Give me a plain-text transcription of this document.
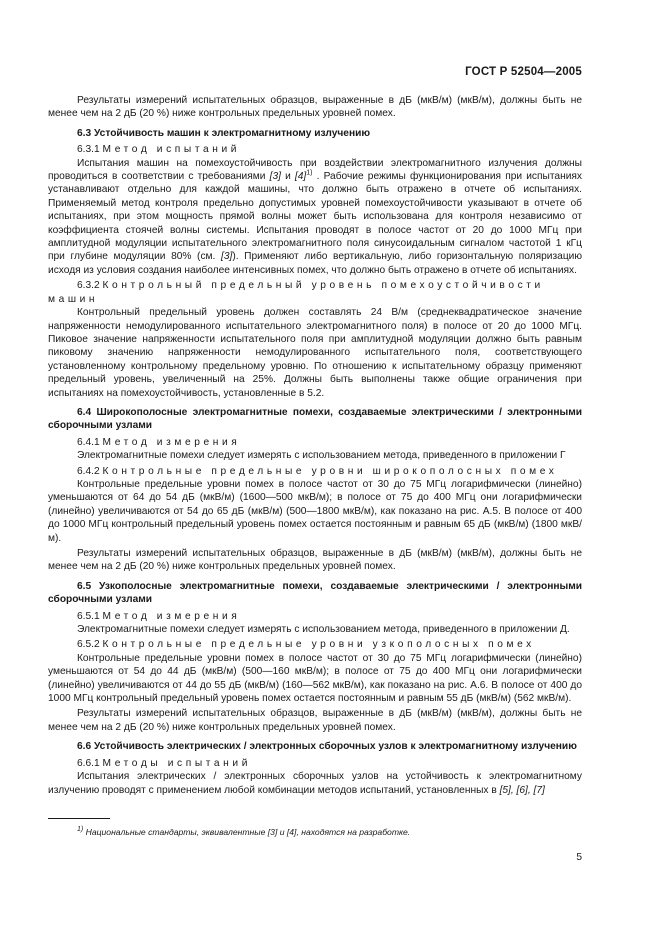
ГОСТ Р 52504—2005

Результаты измерений испытательных образцов, выраженные в дБ (мкВ/м) (мкВ/м), должны быть не менее чем на 2 дБ (20 %) ниже контрольных предельных уровней помех.

6.3 Устойчивость машин к электромагнитному излучению
6.3.1 Метод испытаний

Испытания машин на помехоустойчивость при воздействии электромагнитного излучения должны проводиться в соответствии с требованиями [3] и $[4]^{1)}$ . Рабочие режимы функционирования при испытаниях устанавливают отдельно для каждой машины, что должно быть отражено в отчете об испытаниях. Применяемый метод контроля предельно допустимых уровней помехоустойчивости указывают в отчете об испытаниях, при этом мощность прямой волны может быть использована для контроля независимо от коэффициента стоячей волны системы. Испытания проводят в полосе частот от 20 до 1000 МГц при амплитудной модуляции испытательного электромагнитного поля синусоидальным сигналом частотой 1 кГц при глубине модуляции 80% (см. [3]). Применяют либо вертикальную, либо горизонтальную поляризацию исходя из условия создания наиболее интенсивных помех, что должно быть отражено в отчете об испытаниях.

6.3.2 Контрольный предельный уровень помехоустойчивости машин

Контрольный предельный уровень должен составлять 24 В/м (среднеквадратическое значение напряженности немодулированного испытательного электромагнитного поля) в полосе от 20 до 1000 МГц. Пиковое значение напряженности испытательного поля при амплитудной модуляции должно быть равным пиковому значению напряженности немодулированного испытательного поля, соответствующего установленному контрольному предельному уровню. По отношению к испытательному образцу применяют предельный уровень, увеличенный на 25%. Должны быть выполнены также общие ограничения при испытаниях на помехоустойчивость, установленные в 5.2.

6.4 Широкополосные электромагнитные помехи, создаваемые электрическими / электронными сборочными узлами
6.4.1 Метод измерения

Электромагнитные помехи следует измерять с использованием метода, приведенного в приложении Г

6.4.2 Контрольные предельные уровни широкополосных помех

Контрольные предельные уровни помех в полосе частот от 30 до 75 МГц логарифмически (линейно) уменьшаются от 64 до 54 дБ (мкВ/м) (1600—500 мкВ/м); в полосе от 75 до 400 МГц они логарифмически (линейно) увеличиваются от 54 до 65 дБ (мкВ/м) (500—1800 мкВ/м), как показано на рис. А.5. В полосе от 400 до 1000 МГц контрольный предельный уровень помех остается постоянным и равным 65 дБ (мкВ/м) (1800 мкВ/м).

Результаты измерений испытательных образцов, выраженные в дБ (мкВ/м) (мкВ/м), должны быть не менее чем на 2 дБ (20 %) ниже контрольных предельных уровней помех.

6.5 Узкополосные электромагнитные помехи, создаваемые электрическими / электронными сборочными узлами
6.5.1 Метод измерения

Электромагнитные помехи следует измерять с использованием метода, приведенного в приложении Д.

6.5.2 Контрольные предельные уровни узкополосных помех

Контрольные предельные уровни помех в полосе частот от 30 до 75 МГц логарифмически (линейно) уменьшаются от 54 до 44 дБ (мкВ/м) (500—160 мкВ/м); в полосе от 75 до 400 МГц они логарифмически (линейно) увеличиваются от 44 до 55 дБ (мкВ/м) (160—562 мкВ/м), как показано на рис. А.6. В полосе от 400 до 1000 МГц контрольный предельный уровень помех остается постоянным и равным 55 дБ (мкВ/м) (562 мкВ/м).

Результаты измерений испытательных образцов, выраженные в дБ (мкВ/м) (мкВ/м), должны быть не менее чем на 2 дБ (20 %) ниже контрольных предельных уровней помех.

6.6 Устойчивость электрических / электронных сборочных узлов к электромагнитному излучению
6.6.1 Методы испытаний

Испытания электрических / электронных сборочных узлов на устойчивость к электромагнитному излучению проводят с применением любой комбинации методов испытаний, установленных в [5], [6], [7]

$^{1)}$ Национальные стандарты, эквивалентные [3] и [4], находятся на разработке.
5
